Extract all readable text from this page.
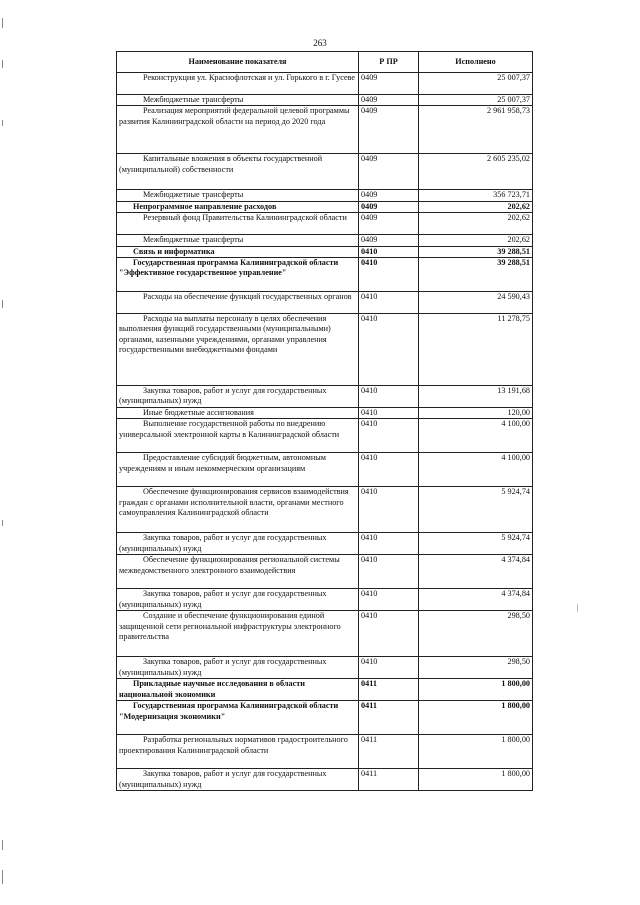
263
Наименование показателя	Р ПР	Исполнено

Реконструкция ул. Краснофлотская и ул. Горького в г. Гусеве	0409	25 007,37

Межбюджетные трансферты	0409	25 007,37

Реализация мероприятий федеральной целевой программы развития Калининградской области на период до 2020 года	0409	2 961 958,73

Капитальные вложения в объекты государственной (муниципальной) собственности	0409	2 605 235,02

Межбюджетные трансферты	0409	356 723,71

Непрограммное направление расходов	0409	202,62

Резервный фонд Правительства Калининградской области	0409	202,62

Межбюджетные трансферты	0409	202,62

Связь и информатика	0410	39 288,51

Государственная программа Калининградской области "Эффективное государственное управление"	0410	39 288,51

Расходы на обеспечение функций государственных органов	0410	24 590,43

Расходы на выплаты персоналу в целях обеспечения выполнения функций государственными (муниципальными) органами, казенными учреждениями, органами управления государственными внебюджетными фондами	0410	11 278,75

Закупка товаров, работ и услуг для государственных (муниципальных) нужд	0410	13 191,68

Иные бюджетные ассигнования	0410	120,00

Выполнение государственной работы по внедрению универсальной электронной карты в Калининградской области	0410	4 100,00

Предоставление субсидий бюджетным, автономным учреждениям и иным некоммерческим организациям	0410	4 100,00

Обеспечение функционирования сервисов взаимодействия граждан с органами исполнительной власти, органами местного самоуправления Калининградской области	0410	5 924,74

Закупка товаров, работ и услуг для государственных (муниципальных) нужд	0410	5 924,74

Обеспечение функционирования региональной системы межведомственного электронного взаимодействия	0410	4 374,84

Закупка товаров, работ и услуг для государственных (муниципальных) нужд	0410	4 374,84

Создание и обеспечение функционирования единой защищенной сети региональной инфраструктуры электронного правительства	0410	298,50

Закупка товаров, работ и услуг для государственных (муниципальных) нужд	0410	298,50

Прикладные научные исследования в области национальной экономики	0411	1 800,00

Государственная программа Калининградской области "Модернизация экономики"	0411	1 800,00

Разработка региональных нормативов градостроительного проектирования Калининградской области	0411	1 800,00

Закупка товаров, работ и услуг для государственных (муниципальных) нужд	0411	1 800,00
